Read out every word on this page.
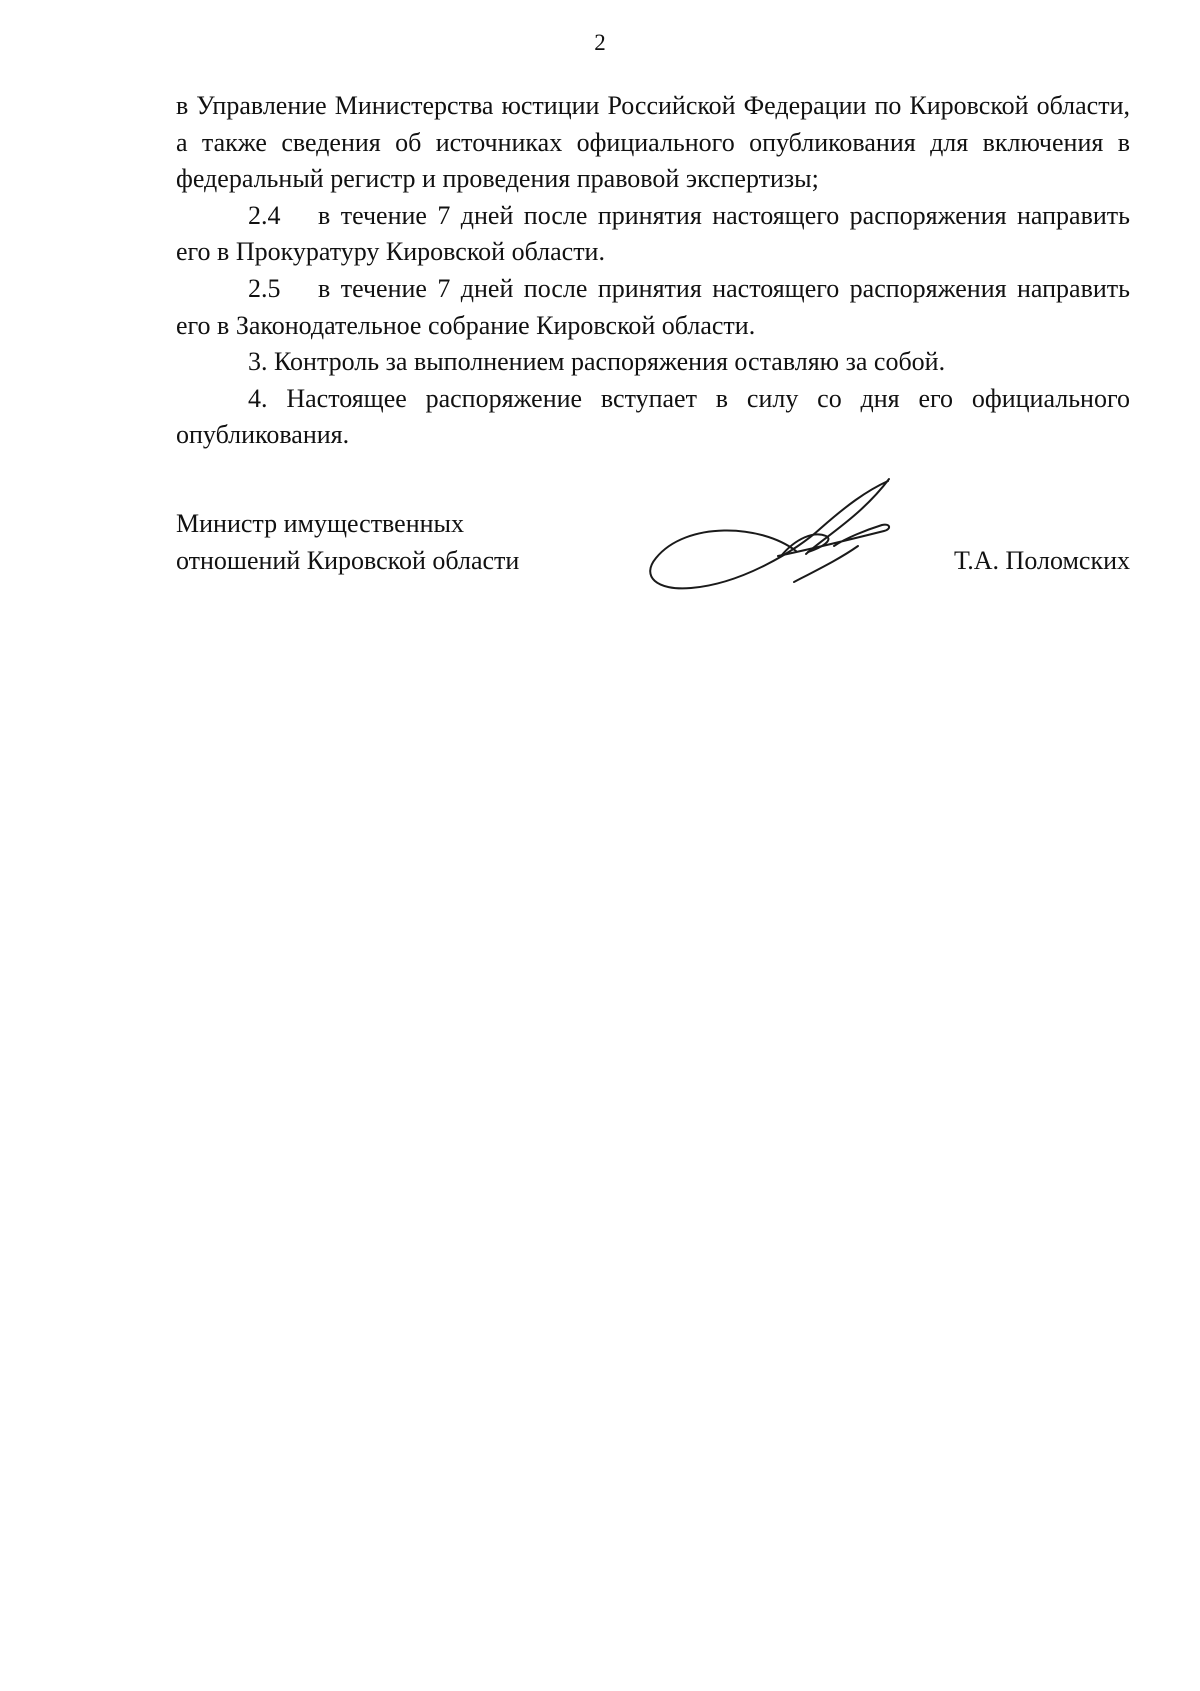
2

в Управление Министерства юстиции Российской Федерации по Кировской области, а также сведения об источниках официального опубликования для включения в федеральный регистр и проведения правовой экспертизы;

2.4 в течение 7 дней после принятия настоящего распоряжения направить его в Прокуратуру Кировской области.

2.5 в течение 7 дней после принятия настоящего распоряжения направить его в Законодательное собрание Кировской области.

3. Контроль за выполнением распоряжения оставляю за собой.

4. Настоящее распоряжение вступает в силу со дня его официального опубликования.

Министр имущественных
отношений Кировской области	Т.А. Поломских
